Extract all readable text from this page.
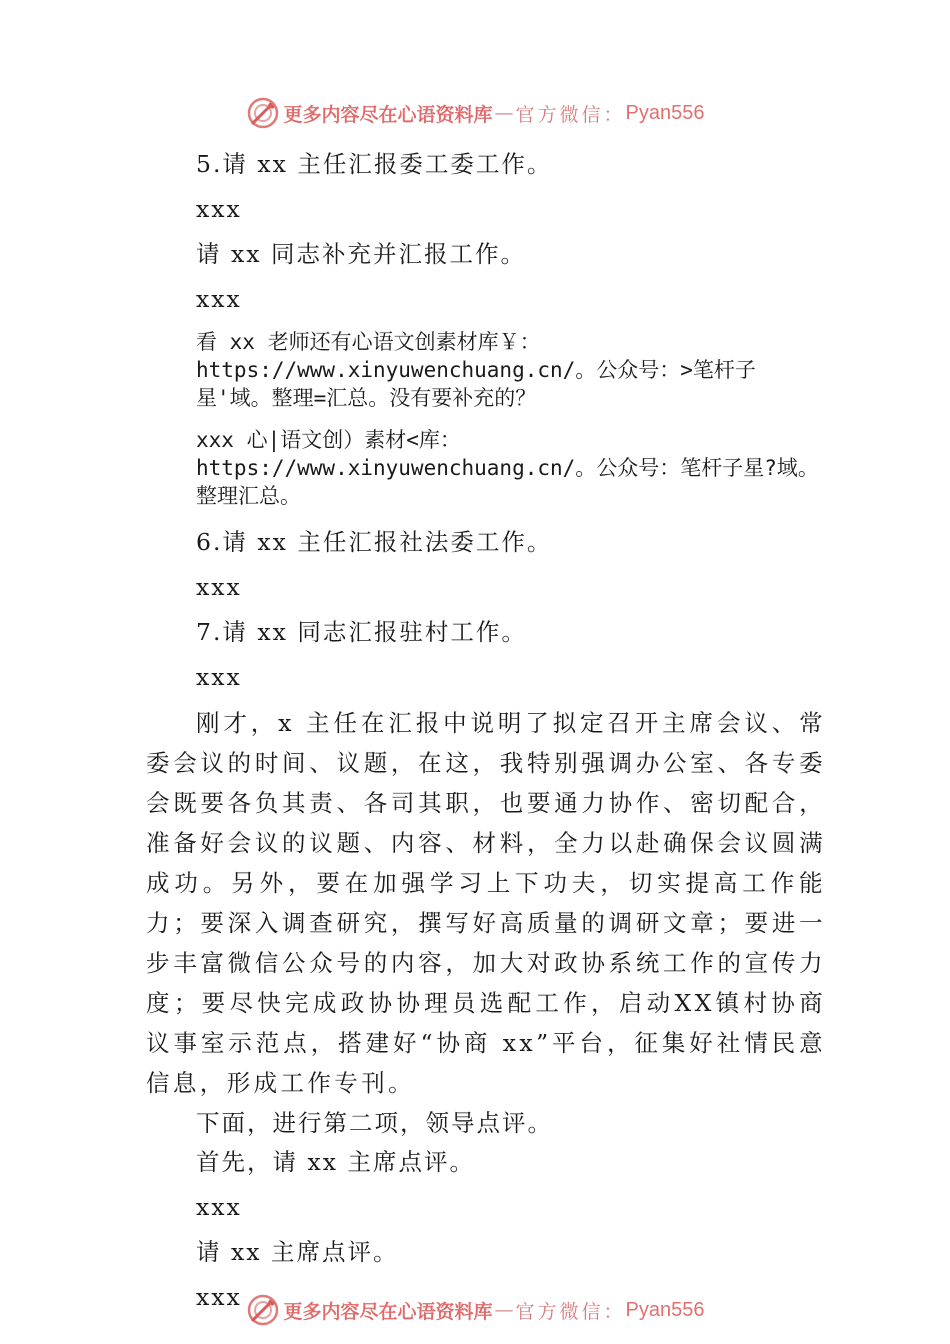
更多内容尽在心语资料库 — 官方微信： Pyan556

5.请 xx 主任汇报委工委工作。

xxx

请 xx 同志补充并汇报工作。

xxx

看 xx 老师还有心语文创素材库￥：https://www.xinyuwenchuang.cn/。公众号：>笔杆子星'域。整理=汇总。没有要补充的？

xxx 心|语文创）素材<库：https://www.xinyuwenchuang.cn/。公众号：笔杆子星?域。整理汇总。

6.请 xx 主任汇报社法委工作。

xxx

7.请 xx 同志汇报驻村工作。

xxx

刚才，x 主任在汇报中说明了拟定召开主席会议、常委会议的时间、议题，在这，我特别强调办公室、各专委会既要各负其责、各司其职，也要通力协作、密切配合，准备好会议的议题、内容、材料，全力以赴确保会议圆满成功。另外，要在加强学习上下功夫，切实提高工作能力；要深入调查研究，撰写好高质量的调研文章；要进一步丰富微信公众号的内容，加大对政协系统工作的宣传力度；要尽快完成政协协理员选配工作，启动XX镇村协商议事室示范点，搭建好“协商 xx”平台，征集好社情民意信息，形成工作专刊。

下面，进行第二项，领导点评。

首先，请 xx 主席点评。

xxx

请 xx 主席点评。

xxx

更多内容尽在心语资料库 — 官方微信： Pyan556
